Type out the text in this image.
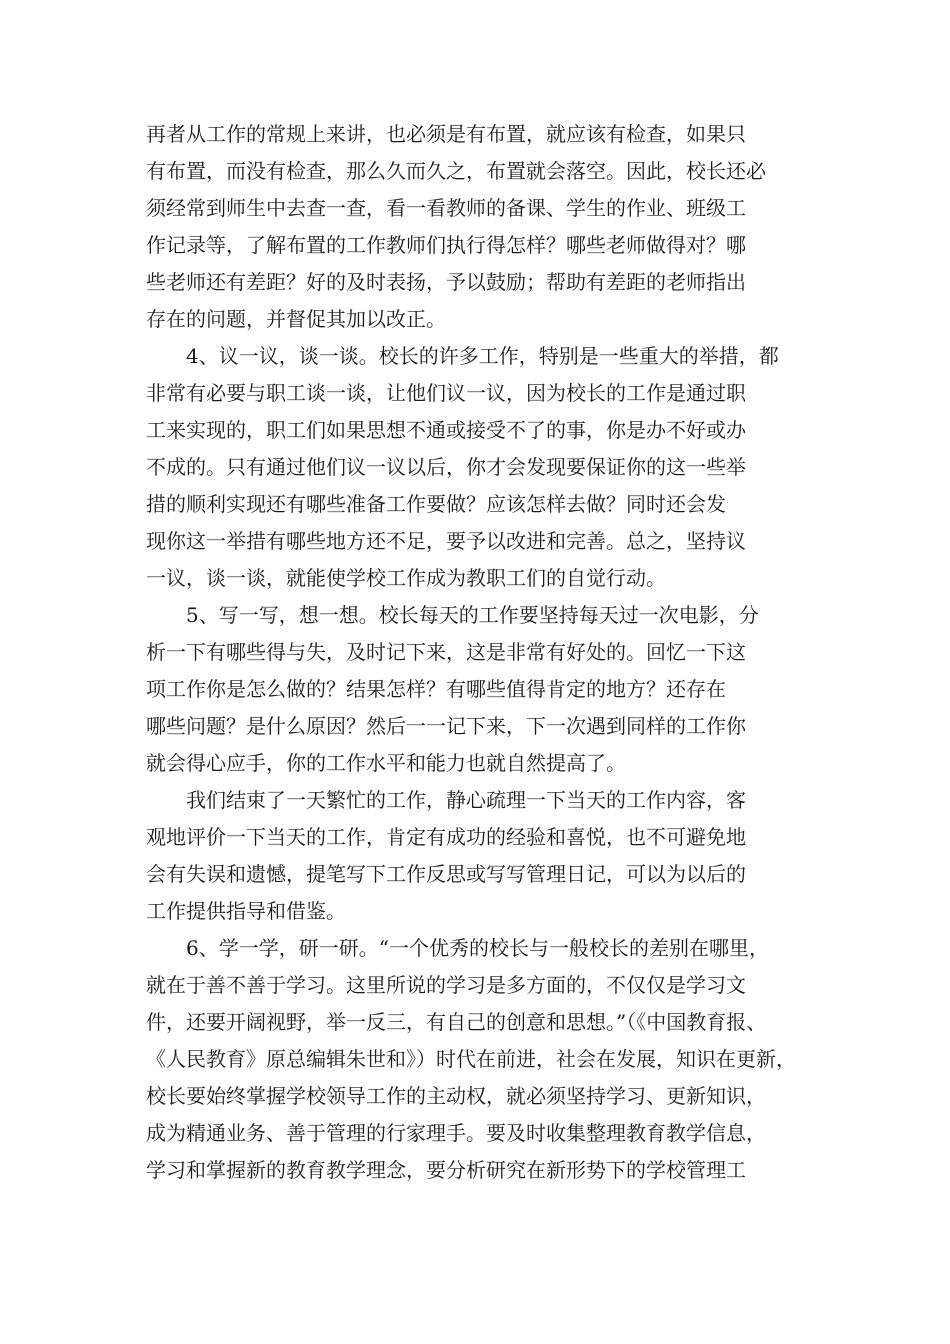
再者从工作的常规上来讲，也必须是有布置，就应该有检查，如果只
有布置，而没有检查，那么久而久之，布置就会落空。因此，校长还必
须经常到师生中去查一查，看一看教师的备课、学生的作业、班级工
作记录等，了解布置的工作教师们执行得怎样？哪些老师做得对？哪
些老师还有差距？好的及时表扬，予以鼓励；帮助有差距的老师指出
存在的问题，并督促其加以改正。
4、议一议，谈一谈。校长的许多工作，特别是一些重大的举措，都
非常有必要与职工谈一谈，让他们议一议，因为校长的工作是通过职
工来实现的，职工们如果思想不通或接受不了的事，你是办不好或办
不成的。只有通过他们议一议以后，你才会发现要保证你的这一些举
措的顺利实现还有哪些准备工作要做？应该怎样去做？同时还会发
现你这一举措有哪些地方还不足，要予以改进和完善。总之，坚持议
一议，谈一谈，就能使学校工作成为教职工们的自觉行动。
5、写一写，想一想。校长每天的工作要坚持每天过一次电影，分
析一下有哪些得与失，及时记下来，这是非常有好处的。回忆一下这
项工作你是怎么做的？结果怎样？有哪些值得肯定的地方？还存在
哪些问题？是什么原因？然后一一记下来，下一次遇到同样的工作你
就会得心应手，你的工作水平和能力也就自然提高了。
我们结束了一天繁忙的工作，静心疏理一下当天的工作内容，客
观地评价一下当天的工作，肯定有成功的经验和喜悦，也不可避免地
会有失误和遗憾，提笔写下工作反思或写写管理日记，可以为以后的
工作提供指导和借鉴。
6、学一学，研一研。“一个优秀的校长与一般校长的差别在哪里，
就在于善不善于学习。这里所说的学习是多方面的，不仅仅是学习文
件，还要开阔视野，举一反三，有自己的创意和思想。”（《中国教育报、
《人民教育》原总编辑朱世和》）时代在前进，社会在发展，知识在更新，
校长要始终掌握学校领导工作的主动权，就必须坚持学习、更新知识，
成为精通业务、善于管理的行家理手。要及时收集整理教育教学信息，
学习和掌握新的教育教学理念，要分析研究在新形势下的学校管理工
